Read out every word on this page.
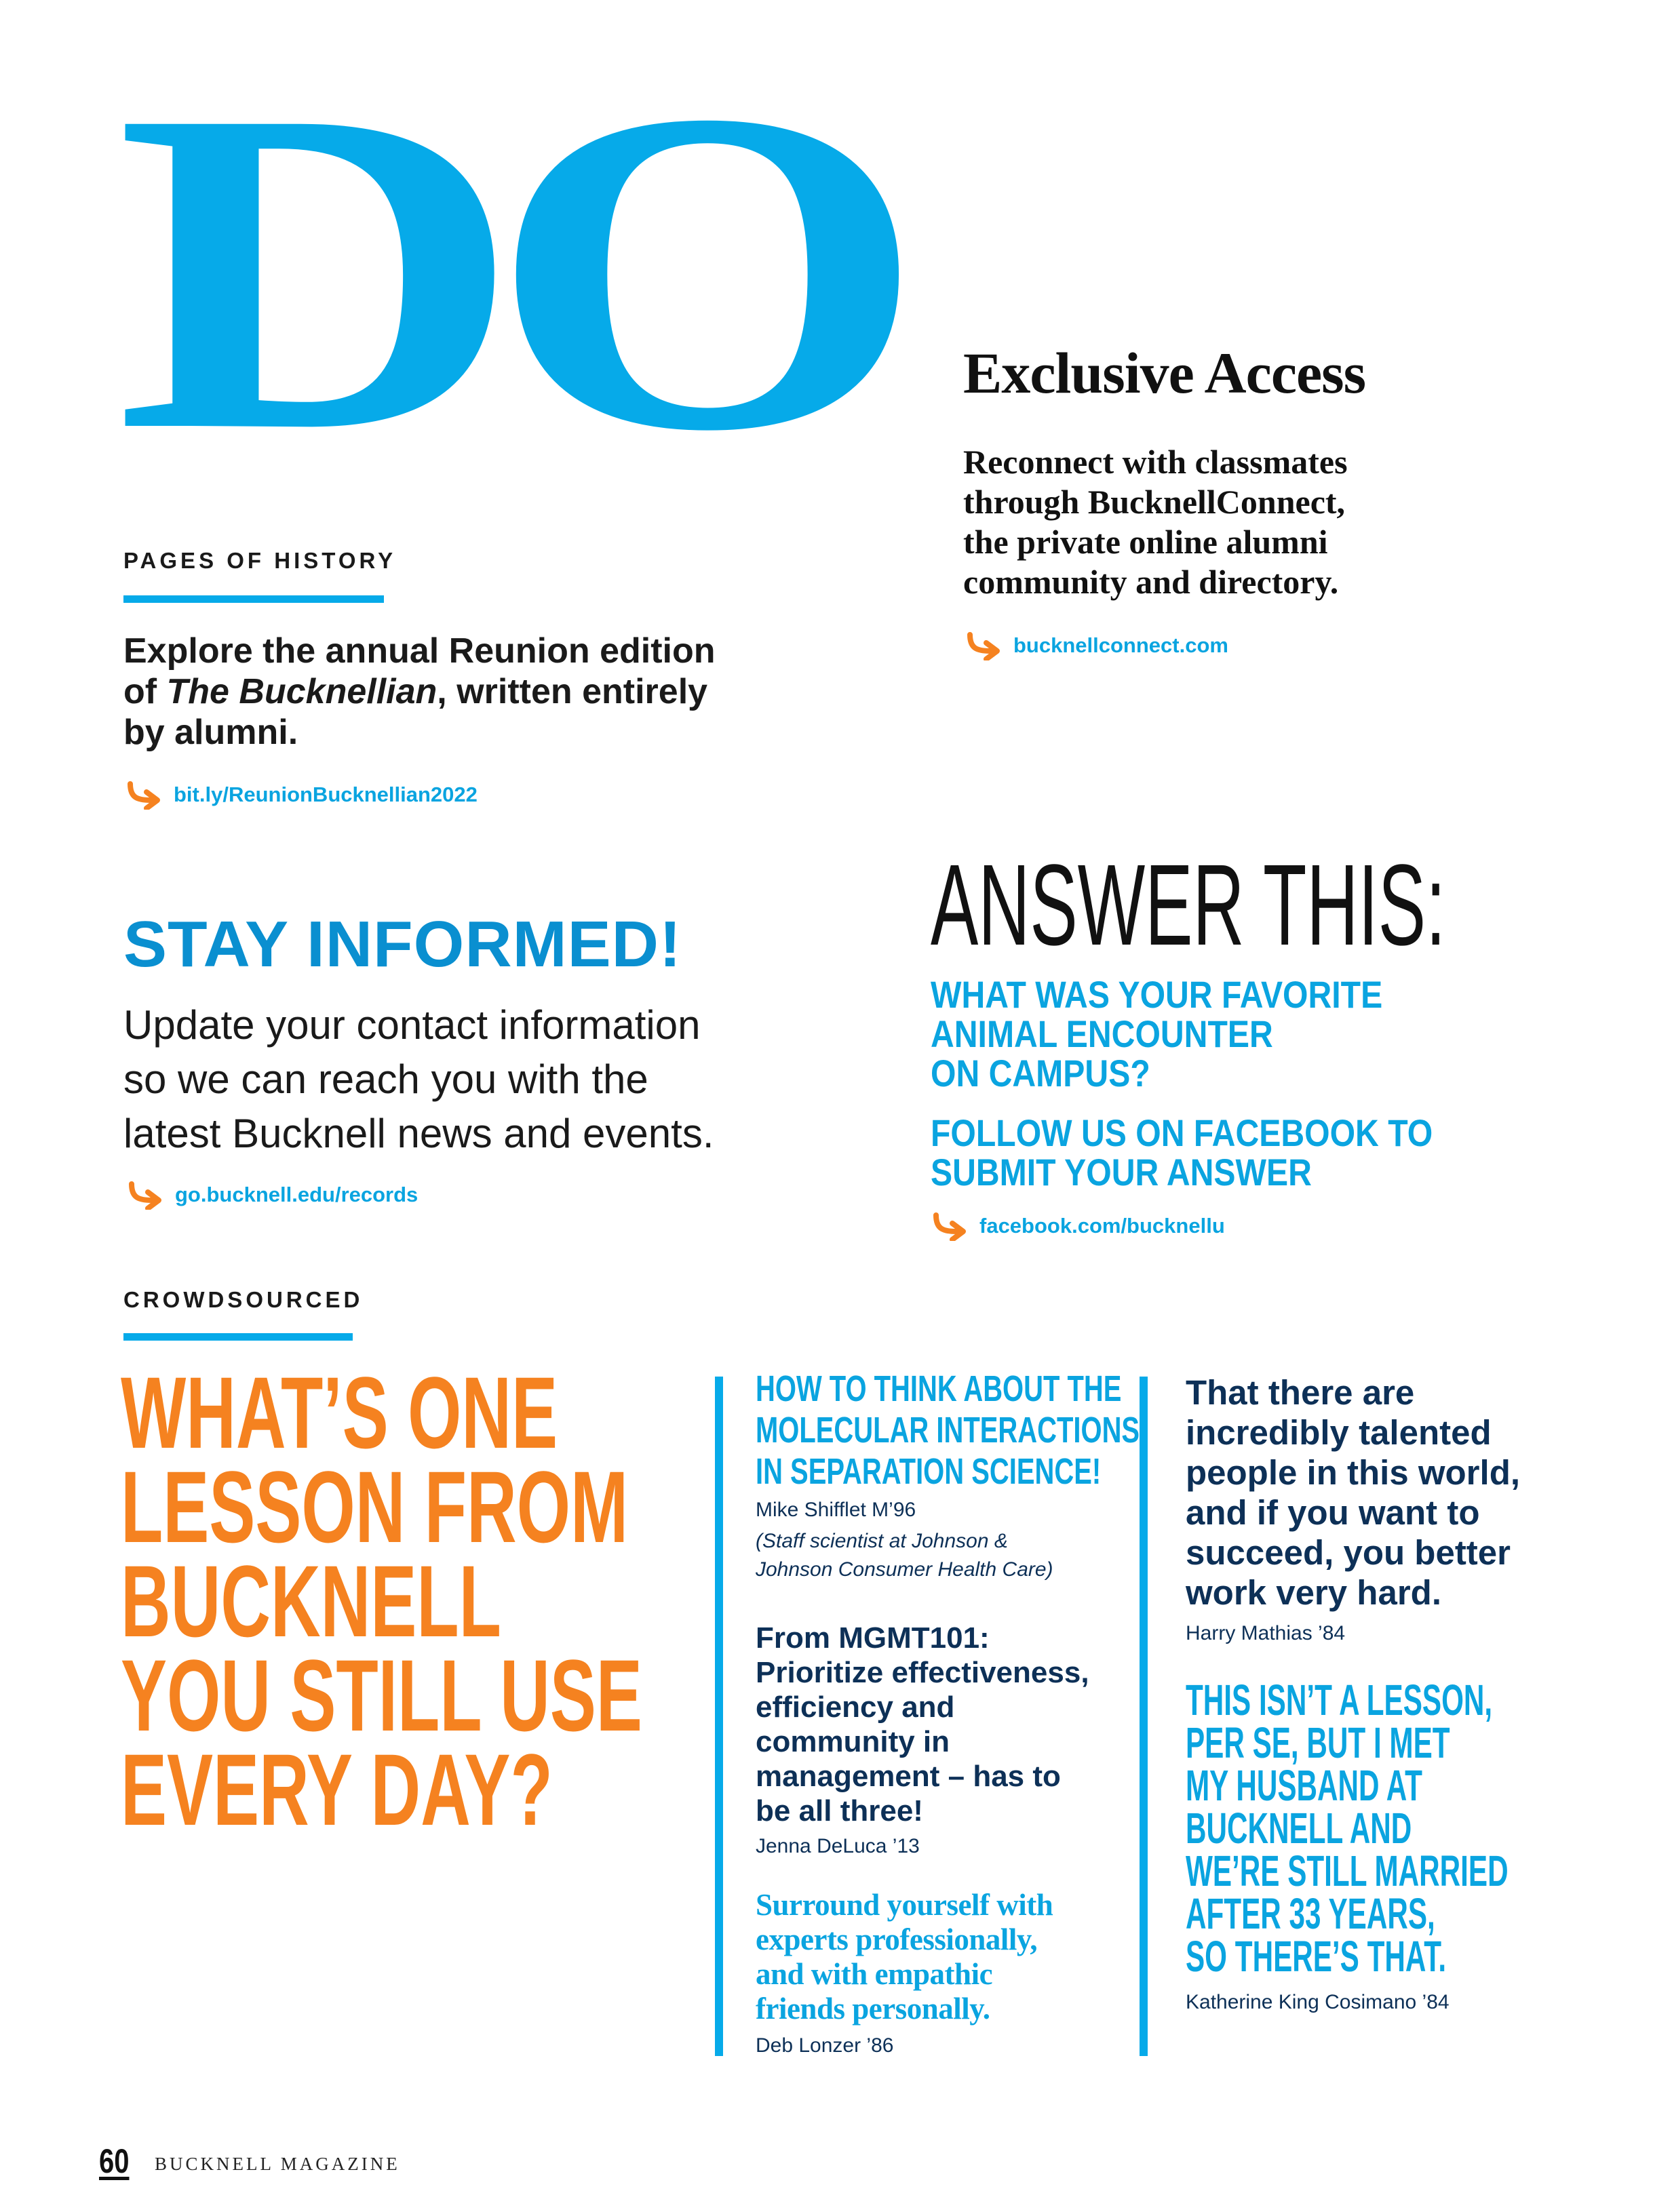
DO Exclusive Access
Reconnect with classmates
through BucknellConnect,
the private online alumni
community and directory.
bucknellconnect.com
PAGES OF HISTORY
Explore the annual Reunion edition
of The Bucknellian, written entirely
by alumni.
bit.ly/ReunionBucknellian2022
STAY INFORMED!
Update your contact information
so we can reach you with the
latest Bucknell news and events.
go.bucknell.edu/records
ANSWER THIS:
WHAT WAS YOUR FAVORITE
ANIMAL ENCOUNTER
ON CAMPUS?
FOLLOW US ON FACEBOOK TO
SUBMIT YOUR ANSWER
facebook.com/bucknellu
CROWDSOURCED
WHAT’S ONE
LESSON FROM
BUCKNELL
YOU STILL USE
EVERY DAY?
HOW TO THINK ABOUT THE
MOLECULAR INTERACTIONS
IN SEPARATION SCIENCE!
Mike Shifflet M’96
(Staff scientist at Johnson &
Johnson Consumer Health Care)
From MGMT101:
Prioritize effectiveness,
efficiency and
community in
management – has to
be all three!
Jenna DeLuca ’13
Surround yourself with
experts professionally,
and with empathic
friends personally.
Deb Lonzer ’86
That there are
incredibly talented
people in this world,
and if you want to
succeed, you better
work very hard.
Harry Mathias ’84
THIS ISN’T A LESSON,
PER SE, BUT I MET
MY HUSBAND AT
BUCKNELL AND
WE’RE STILL MARRIED
AFTER 33 YEARS,
SO THERE’S THAT.
Katherine King Cosimano ’84
60	BUCKNELL MAGAZINE
